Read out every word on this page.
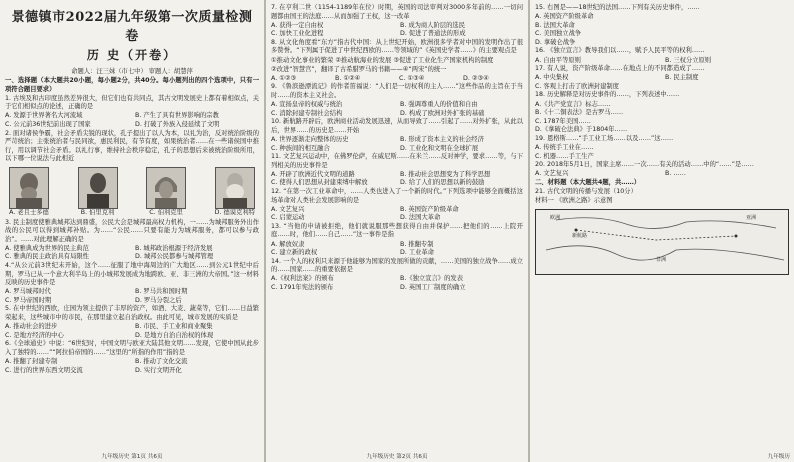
景德镇市2022届九年级第一次质量检测卷
历 史（开卷）
命题人：汪三妹（市七中） 审题人：胡慧萍

一、选择题（本大题共20小题，每小题2分，共40分。每小题列出的四个选项中，只有一项符合题目要求）

1. 古埃及和古印度虽然差异很大，但它们也有共同点，其古文明发展史上都有着相似点，关于它们相似点的论述，正确的是

A. 发源于世界著名大河流域	B. 产生了具有世界影响的宗教
C. 公元前36世纪前出现了国家	D. 打破了外族入侵延续了文明

2. 面对诸侯争霸，社会矛盾尖锐的现状，孔子提出了以人为本，以礼为治，反对统治阶级的严苛统治；主张统治者与民同欲，惠民利民，有节有度，如果统治者……在一些诸侯国中推行，用以调节社会矛盾。以礼行事，维持社会秩序稳定，孔子的思想后来被统治阶级所用，以下哪一位说法与此相近

A. 老且士多德	B. 伯里克利	C. 伯利克里	D. 德谟克利特

3. 民主制度使雅典城邦达到鼎盛，公民大会是城邦最高权力机构，一……为城邦服务外出作战的公民可以得到城邦补贴。为……“公民……只要有能力为城邦服务，都可以参与政治”。……对此理解正确的是

A. 使雅典成为世界的民主典范	B. 城邦政治根源于经济发展
C. 雅典的民主政治具有局限性	D. 城邦公民都参与城邦管理

4.“从公元前3世纪末开始，这个……征服了地中海周边的广大地区……到公元1世纪中后期，罗马已从一个意大利半岛上的小城邦发展成为地跨欧、亚、非三洲的大帝国。”这一材料反映的历史事件是

A. 罗马城邦时代	B. 罗马共和国时期
C. 罗马帝国时期	D. 罗马分裂之后

5. 在中世纪的西欧，庄园为领主提供了丰厚的资产，如酒、大麦、蔬菜等，它们……日益繁荣起来，这些城市中的市民，在那里建立起自治政权。由此可见，城市发展的实质是

A. 推动社会的进步	B. 市民、手工业和商业聚集
C. 是地方经济的中心	D. 是地方自治自治权的体现

6.《全球通史》中说：“6世纪时，中国文明与欧亚大陆其他文明……发现，它使中国从此步入了独特的……”“阿拉伯帝国的……”这里的“所指的作用”指的是

A. 推翻了封建专制	B. 推动了文化交流
C. 进行的世界东西文明交流	D. 实行文明开化
九年级历史 第1页 共6页

7. 在亨利二世（1154-1189年在位）时期，英国的司法审判对3000多年前的……一切问题都由国王的法庭……从而加强了王权，这一改革

A. 获得一定自由权	B. 成为商人阶层的选民
C. 加快工业化进程	D. 促进了普通法的形成

8. 从文化角度看“东方”指古代中国：从上世纪开始，欧洲很多学者对中国的发明作出了很多赞誉。“下列属于促进了中世纪西欧的……等领域的”《英国史学者……》的主要观点是

①推动文化事业的繁荣 ②推动航海业的发展 ③促进了工业化生产国家机构的制度

②改进“智慧宫”，翻译了古希腊罗马的书籍——④“两宋”的统一

A. ①②③	B. ①②④	C. ①③④	D. ②③④

9. 《鲁滨逊漂流记》的作者笛福说：“人们是一切权利的主人……”这些作品的主旨在于当时……的资本主义社会。

A. 宣扬皇帝的权威与统治	B. 强调尊重人的价值和自由
C. 消除封建专制社会结构	D. 构成了欧洲对外扩张的基础

10. 新航路开辟后，欧洲商业活动发展迅速，从而导致了……引起了……对外扩张，从此以后，世界……的历史是……开始

A. 世界逐渐走向整体的历史	B. 形成了资本主义的社会经济
C. 种族间的相互融合	D. 工业化和文明在全球扩展

11. 文艺复兴运动中，在佛罗伦萨，在威尼斯……在米兰……反对神学，要求……等，与下列相关的历史事件是

A. 开辟了欧洲近代文明的道路	B. 推动社会思想变为了科学思想
C. 使得人们思想从封建束缚中解放	D. 给了人们的思想以新的鼓励

12. “在第一次工业革命中，……人类也进入了一个新的时代。”下列选项中能够全面概括这场革命对人类社会发展影响的是

A. 文艺复兴	B. 英国资产阶级革命
C. 启蒙运动	D. 法国大革命

13. “当他的申请被拒绝，他们就说服那些想获得自由并保护……把他们的……上院开庭……时，他们……自己……”这一事件是指

A. 解放奴隶	B. 推翻专制
C. 建立新的政权	D. 工业革命

14. 一个人的权利只来源于他能够为国家的发展所做的贡献，……美国的独立战争……成立的……国家……的重要依据是

A.《权利法案》的颁布	B.《独立宣言》的发表
C. 1791年宪法的颁布	D. 英国工厂制度的确立
九年级历史 第2页 共6页

15. 右图是——18世纪的法国……下列有关历史事件，……

A. 英国资产阶级革命
B. 法国大革命
C. 美国独立战争
D. 拿破仑战争

16. 《独立宣言》教导我们以……，赋予人民平等的权利……

A. 自由平等原则	B. 三权分立原则

17. 有人说，资产阶级革命……在地点上的不同都造成了……

A. 中央集权	B. 民主制度
C. 客观上打击了欧洲封建制度

18. 历史解释是对历史事件的……，下列表述中……

A.《共产党宣言》标志……
B.《十二铜表法》是古罗马……
C. 1787年美国……
D.《拿破仑法典》于1804年……

19. 恩格斯……“手工业工场……以及……”这……

A. 传统手工业在……
C. 机器……手工生产

20. 2018年5月1日，国家主席……一次……有关的活动……中的“……”是……

A. 文艺复兴	B. ……

二、材料题（本大题共4题，共……）

21. 古代文明的传播与发展（10分）

材料一 《欧洲之路》示意图

新航路
欧洲	亚洲
非洲
九年级历
